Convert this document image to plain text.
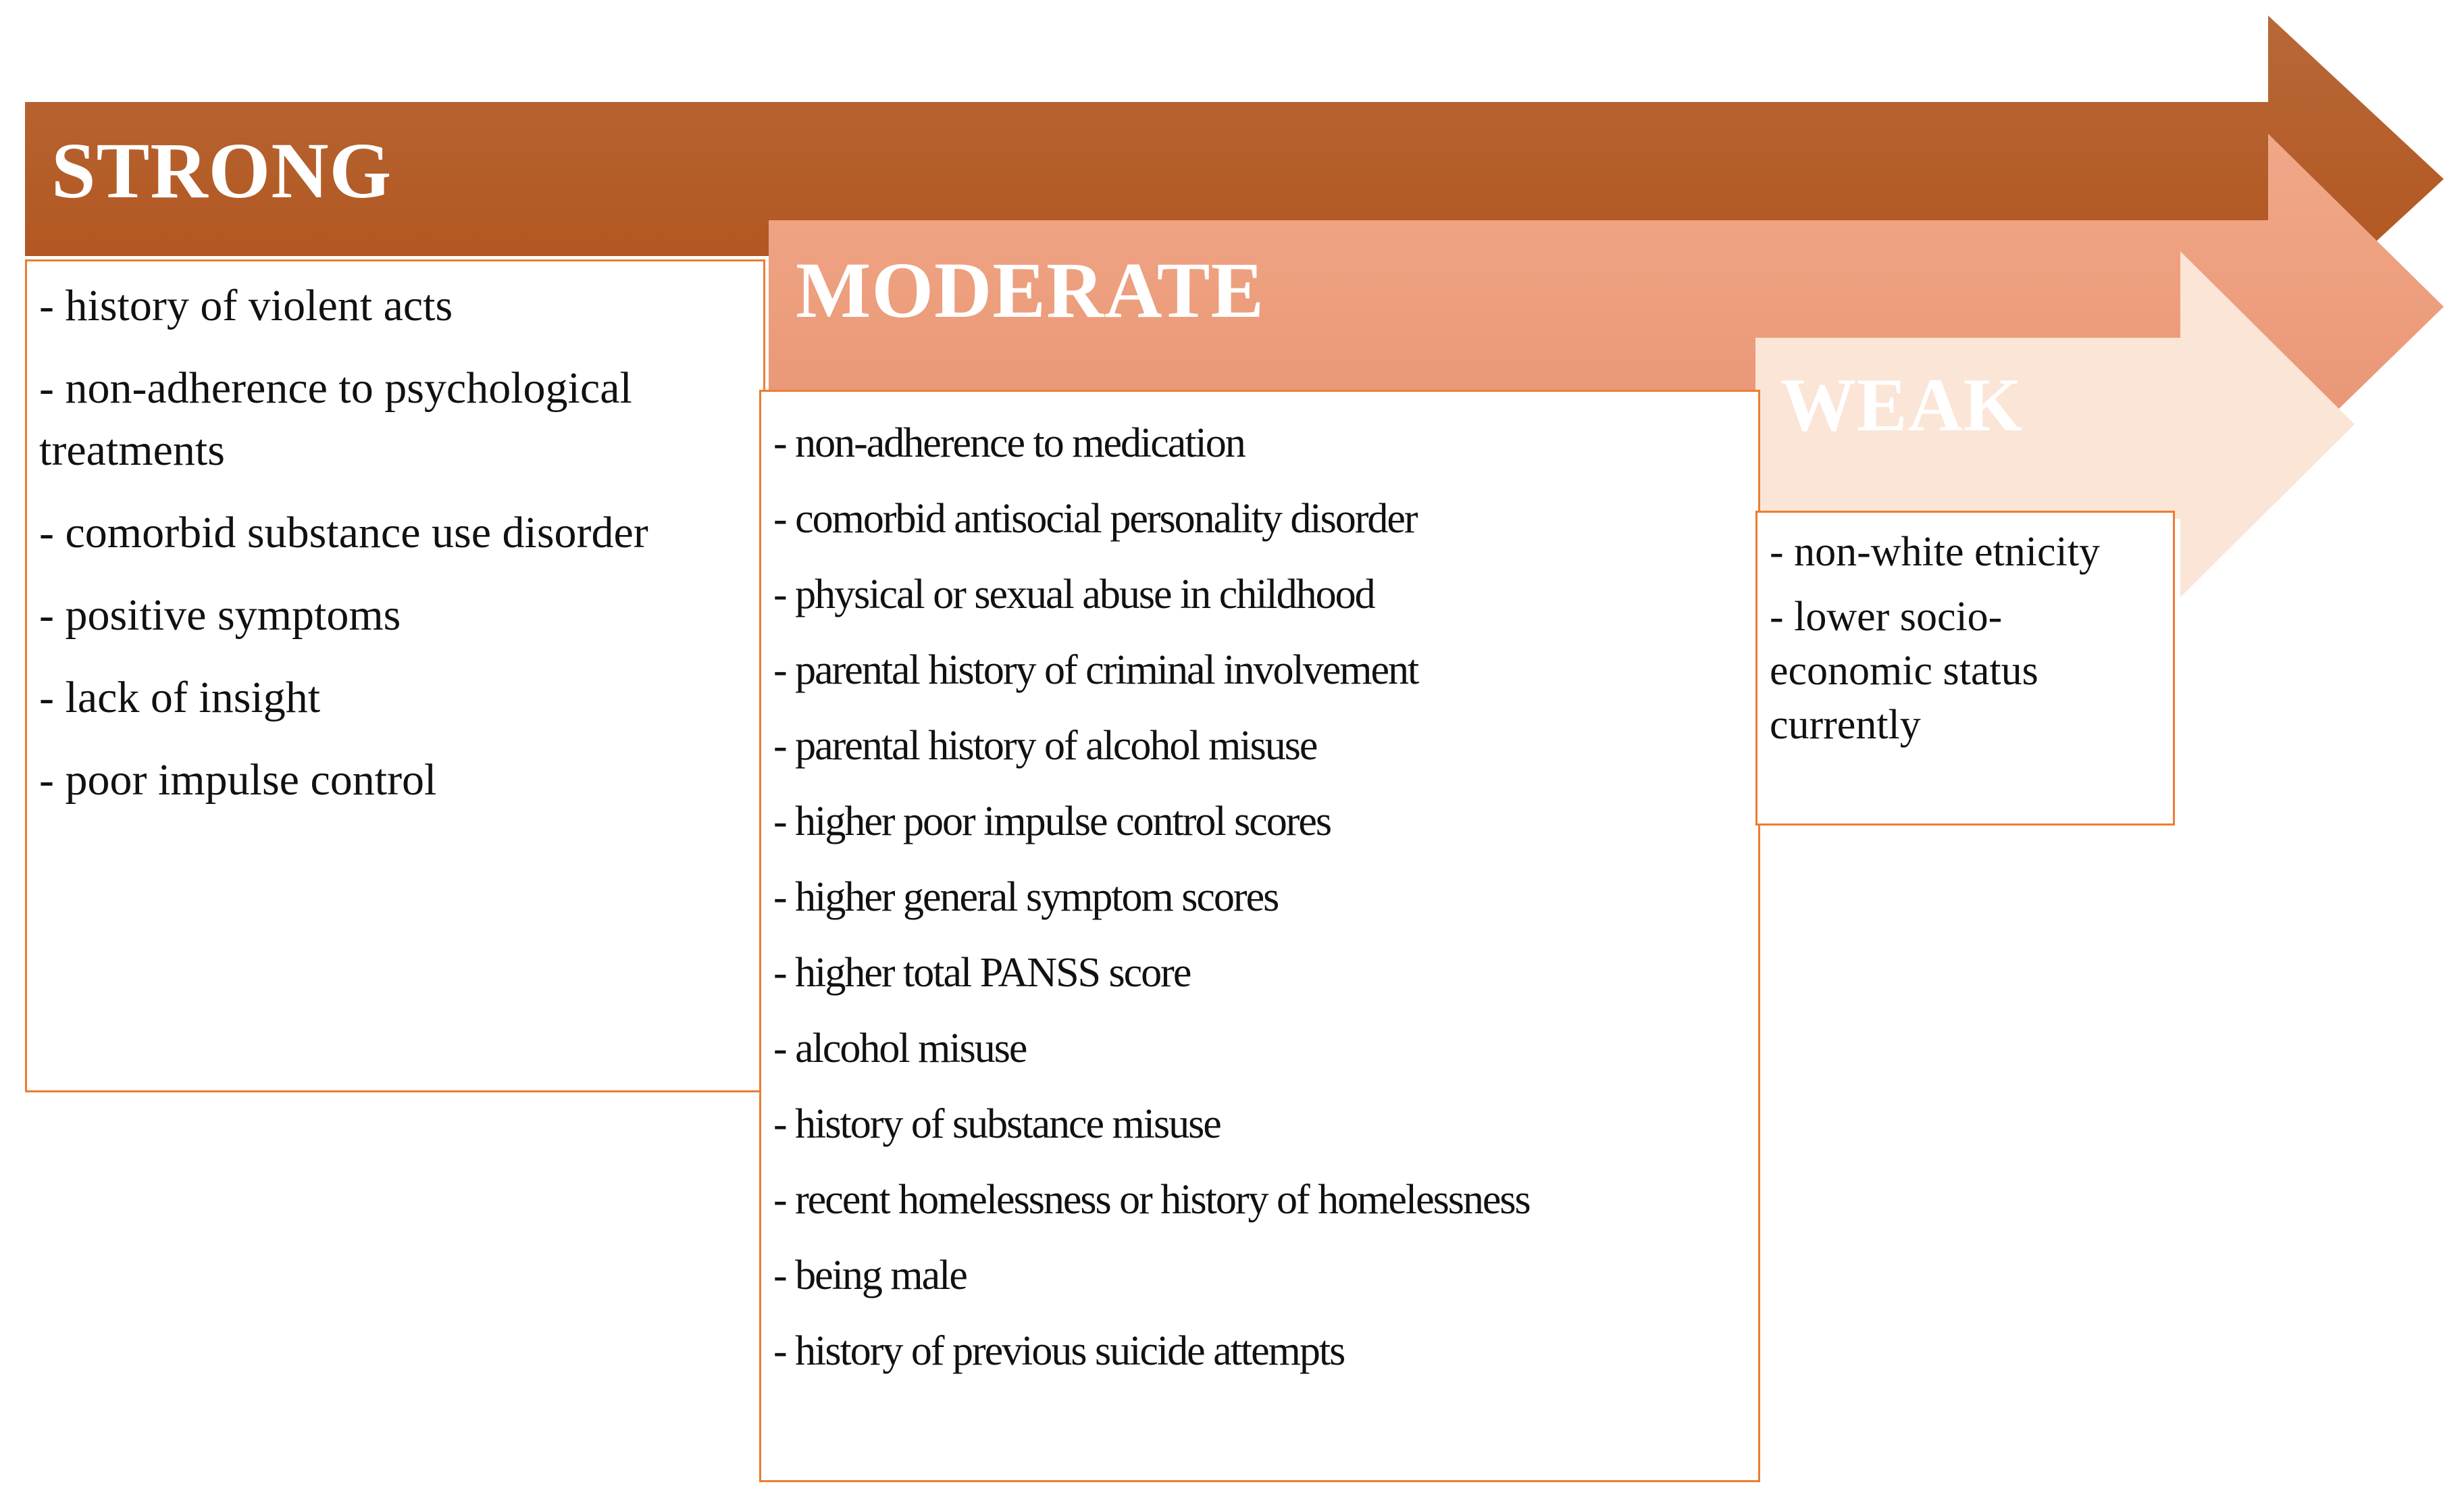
STRONG
MODERATE
WEAK
- history of violent acts
- non-adherence to psychological treatments
- comorbid substance use disorder
- positive symptoms
- lack of insight
- poor impulse control
- non-adherence to medication
- comorbid antisocial personality disorder
- physical or sexual abuse in childhood
- parental history of criminal involvement
- parental history of alcohol misuse
- higher poor impulse control scores
- higher general symptom scores
- higher total PANSS score
- alcohol misuse
- history of substance misuse
- recent homelessness or history of homelessness
- being male
- history of previous suicide attempts
- non-white etnicity
- lower socio-economic status currently
